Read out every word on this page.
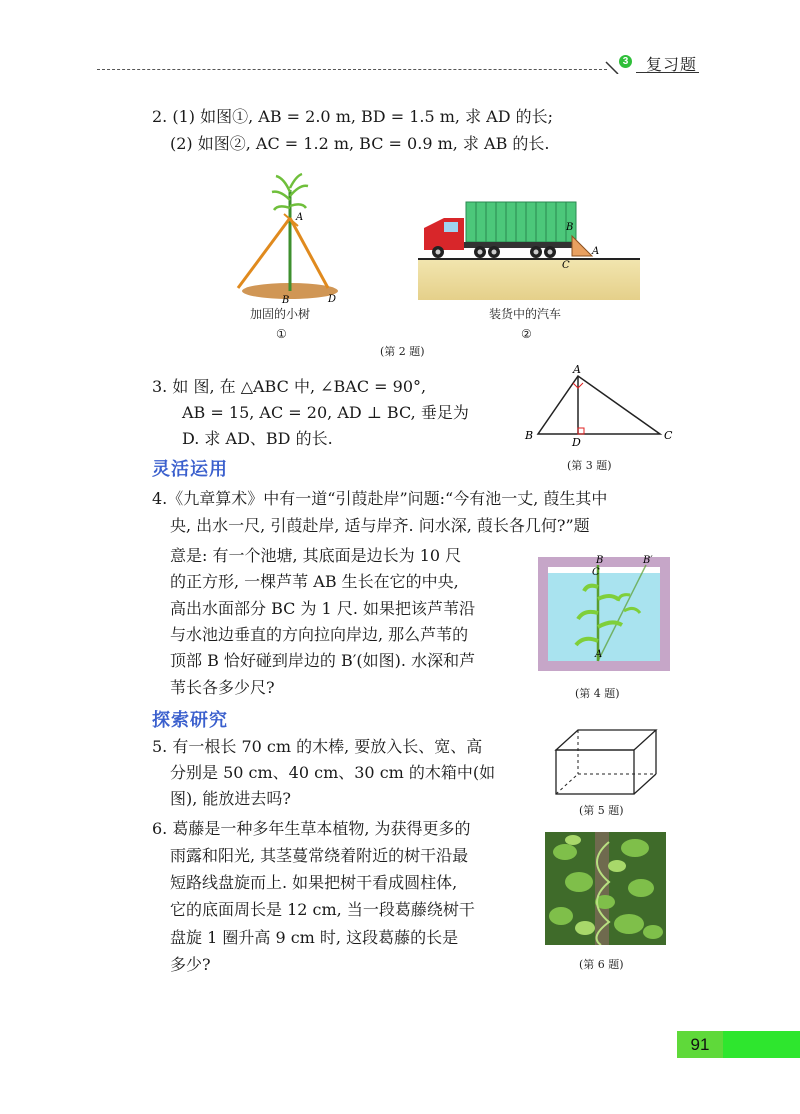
3 复习题
2. (1) 如图①, AB = 2.0 m, BD = 1.5 m, 求 AD 的长;
(2) 如图②, AC = 1.2 m, BC = 0.9 m, 求 AB 的长.
A
B	D
B
A
C
加固的小树
①
装货中的汽车
②
(第 2 题)
3. 如 图, 在 △ABC 中, ∠BAC = 90°,
AB = 15, AC = 20, AD ⊥ BC, 垂足为
D. 求 AD、BD 的长.
A
B	C
D
(第 3 题)
灵活运用
4.《九章算术》中有一道“引葭赴岸”问题:“今有池一丈, 葭生其中
央, 出水一尺, 引葭赴岸, 适与岸齐. 问水深, 葭长各几何?”题
意是: 有一个池塘, 其底面是边长为 10 尺
的正方形, 一棵芦苇 AB 生长在它的中央,
高出水面部分 BC 为 1 尺. 如果把该芦苇沿
与水池边垂直的方向拉向岸边, 那么芦苇的
顶部 B 恰好碰到岸边的 B′(如图). 水深和芦
苇长各多少尺?
B
C
B′
A
(第 4 题)
探索研究
5. 有一根长 70 cm 的木棒, 要放入长、宽、高
分别是 50 cm、40 cm、30 cm 的木箱中(如
图), 能放进去吗?
(第 5 题)
6. 葛藤是一种多年生草本植物, 为获得更多的
雨露和阳光, 其茎蔓常绕着附近的树干沿最
短路线盘旋而上. 如果把树干看成圆柱体,
它的底面周长是 12 cm, 当一段葛藤绕树干
盘旋 1 圈升高 9 cm 时, 这段葛藤的长是
多少?	(第 6 题)
91
